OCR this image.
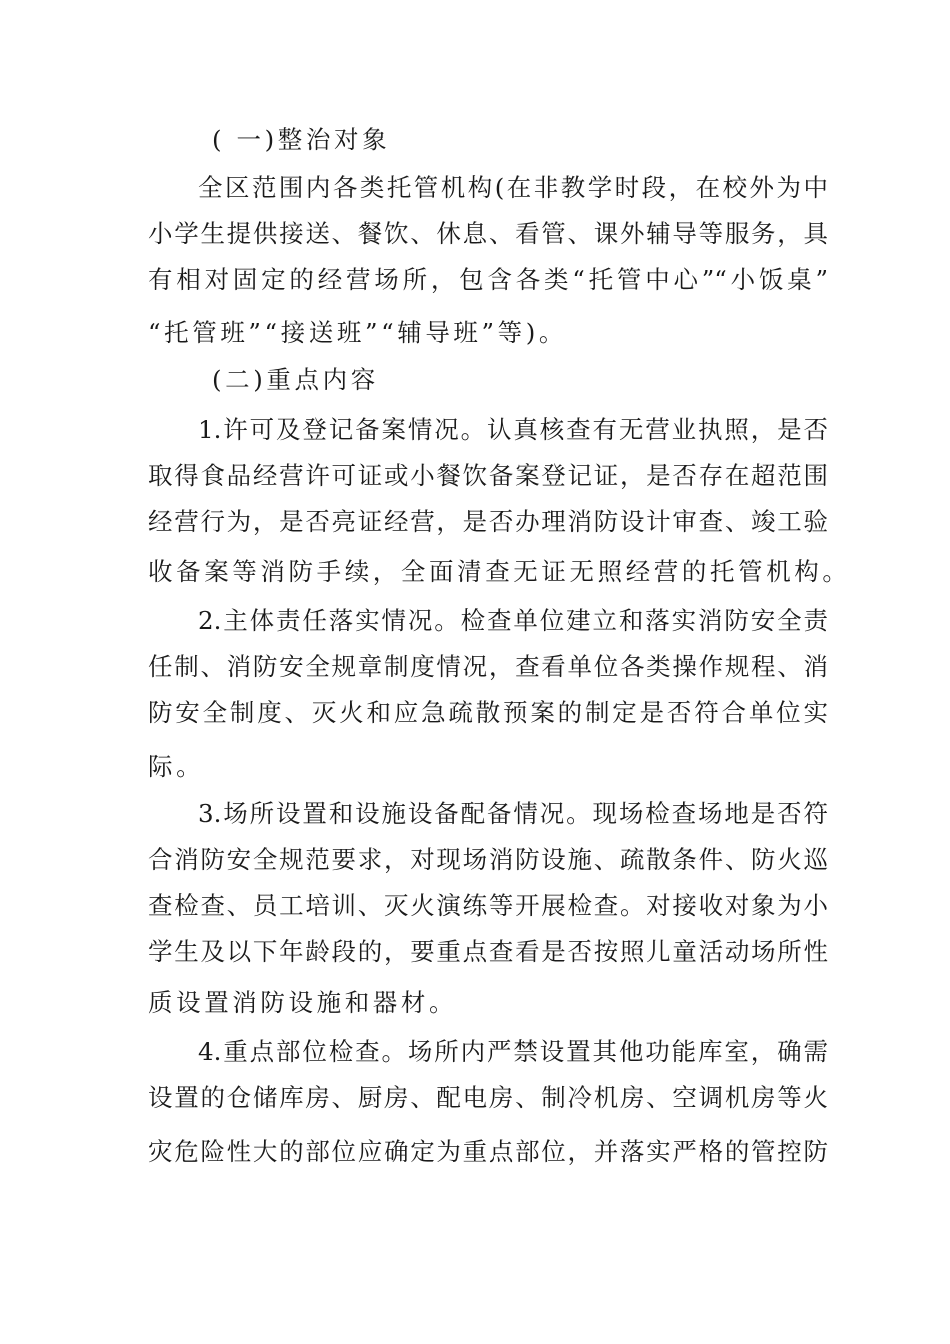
( 一)整治对象
全区范围内各类托管机构(在非教学时段，在校外为中
小学生提供接送、餐饮、休息、看管、课外辅导等服务，具
有相对固定的经营场所，包含各类“托管中心”“小饭桌”
“托管班”“接送班”“辅导班”等)。
(二)重点内容
1.许可及登记备案情况。认真核查有无营业执照，是否
取得食品经营许可证或小餐饮备案登记证，是否存在超范围
经营行为，是否亮证经营，是否办理消防设计审查、竣工验
收备案等消防手续，全面清查无证无照经营的托管机构。
2.主体责任落实情况。检查单位建立和落实消防安全责
任制、消防安全规章制度情况，查看单位各类操作规程、消
防安全制度、灭火和应急疏散预案的制定是否符合单位实
际。
3.场所设置和设施设备配备情况。现场检查场地是否符
合消防安全规范要求，对现场消防设施、疏散条件、防火巡
查检查、员工培训、灭火演练等开展检查。对接收对象为小
学生及以下年龄段的，要重点查看是否按照儿童活动场所性
质设置消防设施和器材。
4.重点部位检查。场所内严禁设置其他功能库室，确需
设置的仓储库房、厨房、配电房、制冷机房、空调机房等火
灾危险性大的部位应确定为重点部位，并落实严格的管控防
